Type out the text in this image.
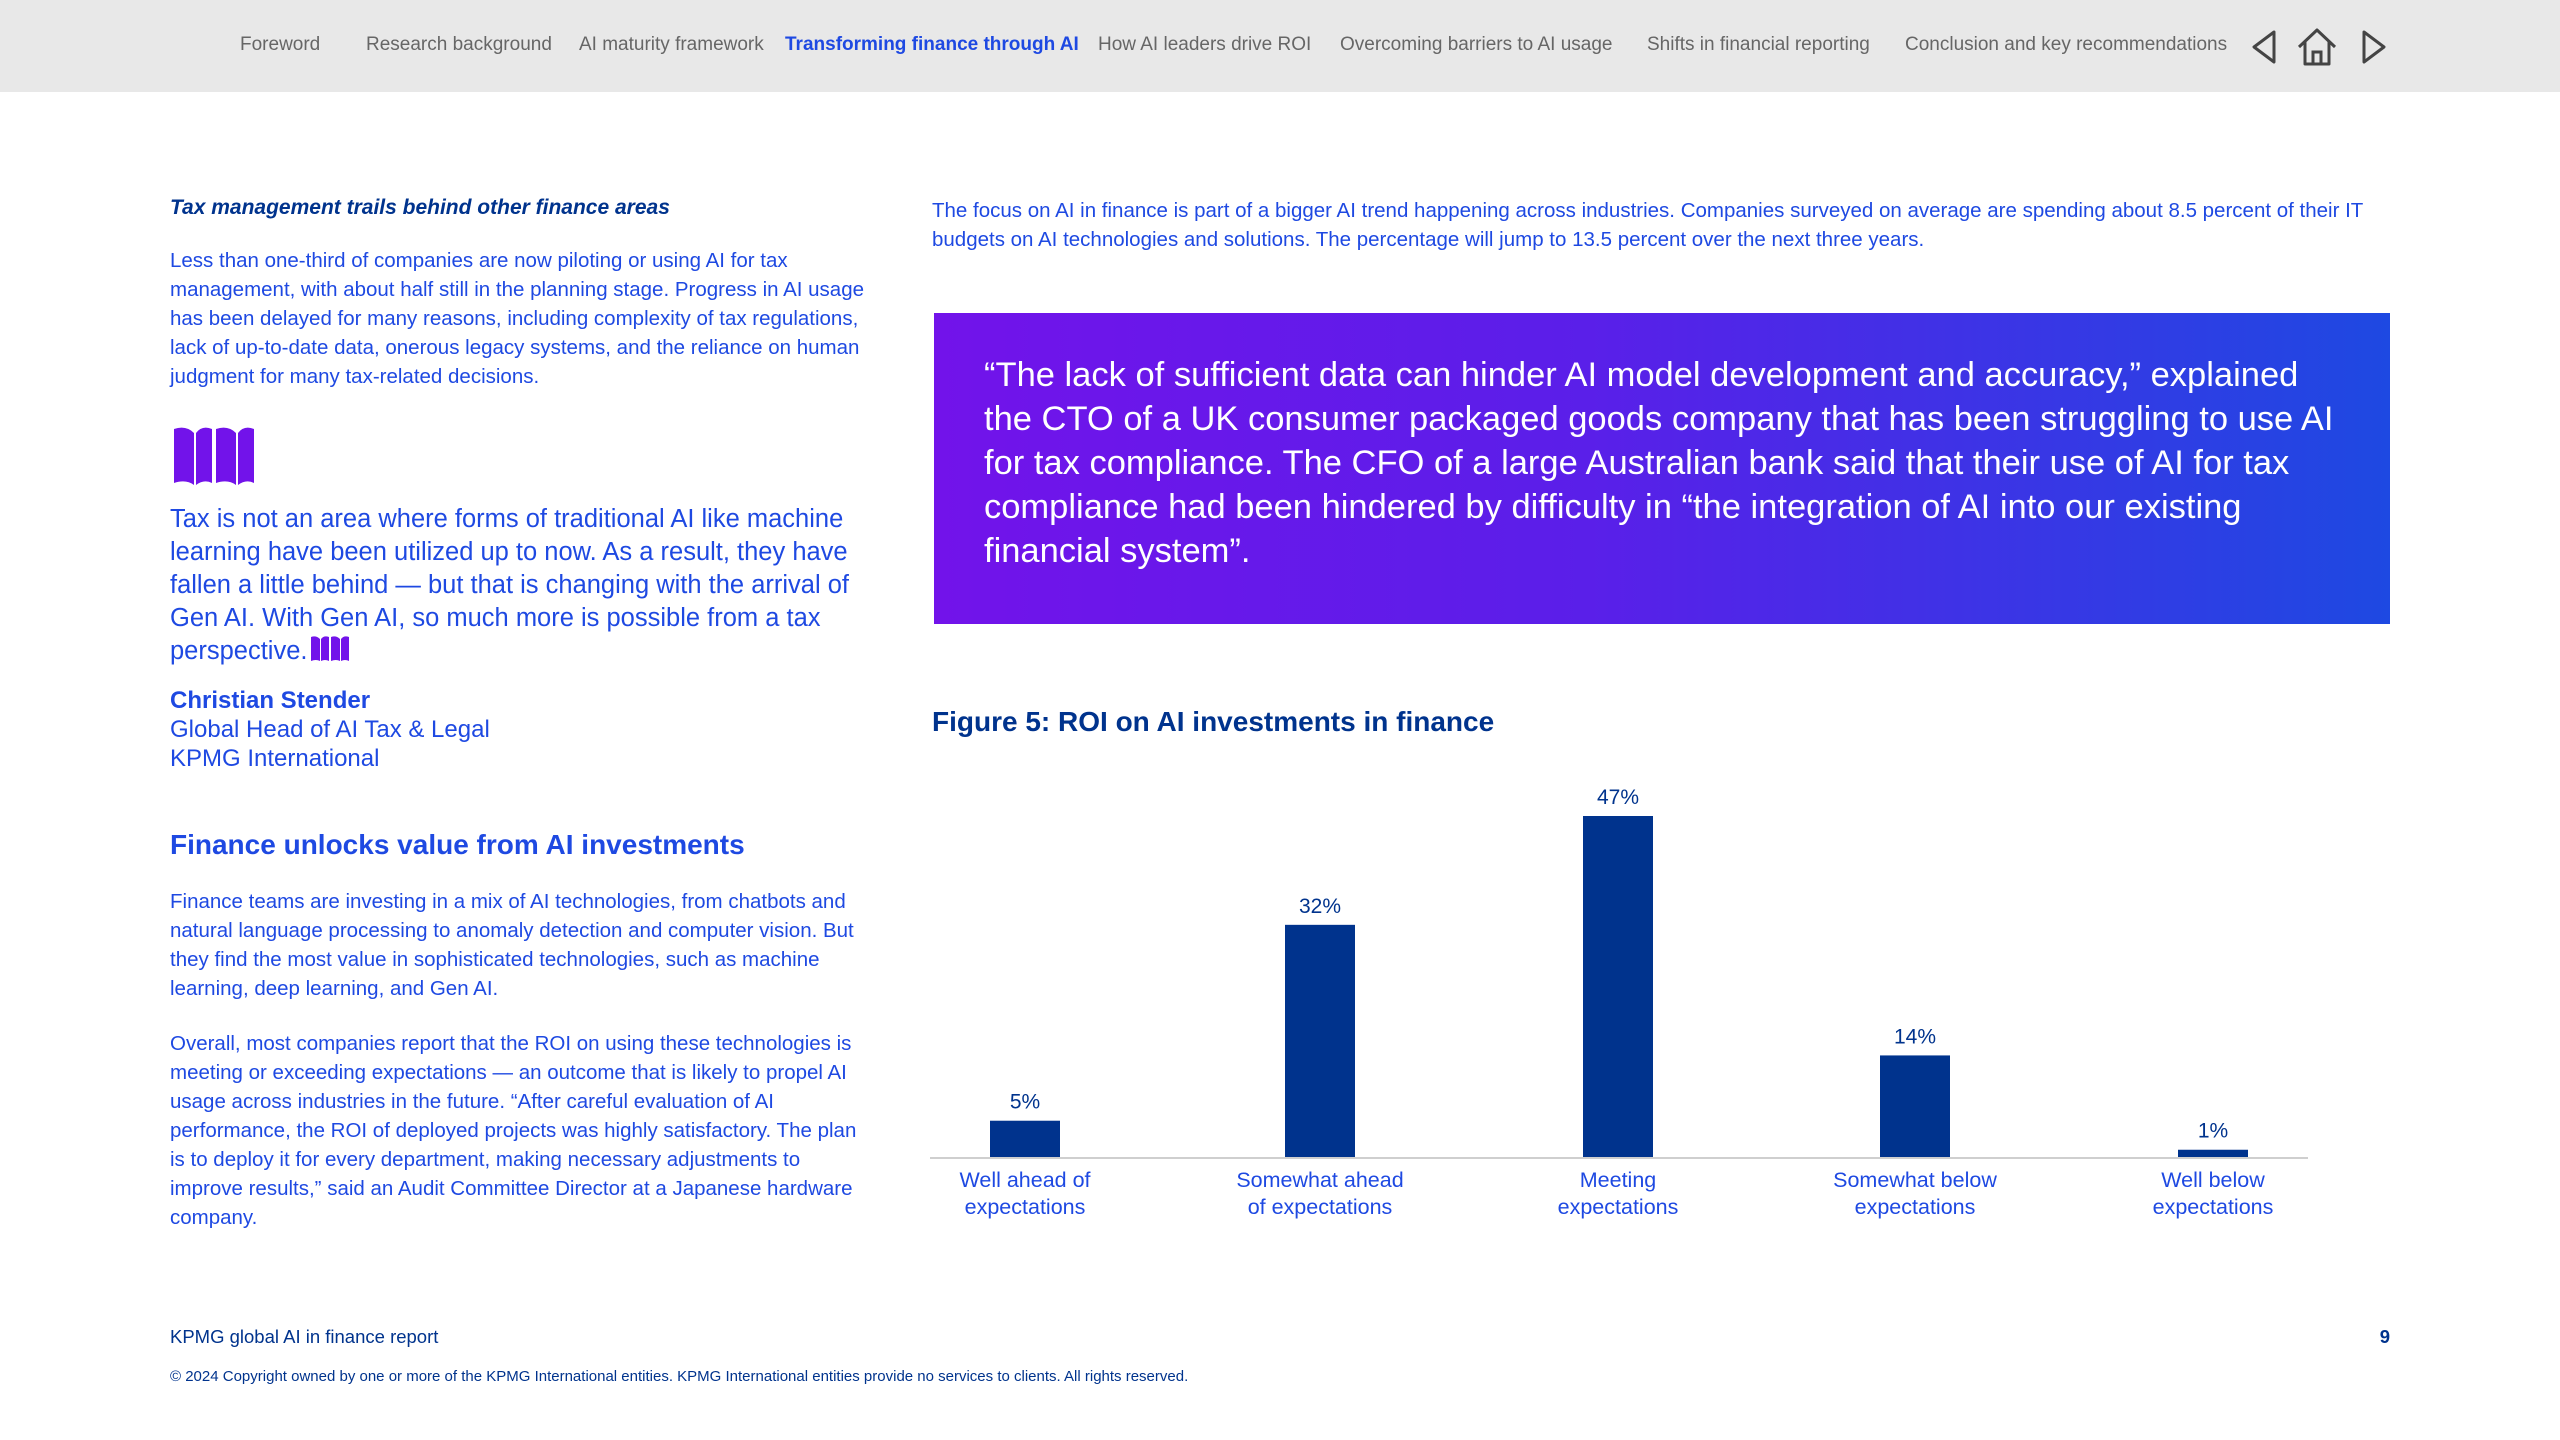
Foreword Research background AI maturity framework Transforming finance through AI How AI leaders drive ROI Overcoming barriers to AI usage Shifts in financial reporting Conclusion and key recommendations

Tax management trails behind other finance areas

Less than one-third of companies are now piloting or using AI for tax management, with about half still in the planning stage. Progress in AI usage has been delayed for many reasons, including complexity of tax regulations, lack of up-to-date data, onerous legacy systems, and the reliance on human judgment for many tax-related decisions.

Tax is not an area where forms of traditional AI like machine learning have been utilized up to now. As a result, they have fallen a little behind — but that is changing with the arrival of Gen AI. With Gen AI, so much more is possible from a tax perspective.

Christian Stender
Global Head of AI Tax & Legal
KPMG International
Finance unlocks value from AI investments

Finance teams are investing in a mix of AI technologies, from chatbots and natural language processing to anomaly detection and computer vision. But they find the most value in sophisticated technologies, such as machine learning, deep learning, and Gen AI.

Overall, most companies report that the ROI on using these technologies is meeting or exceeding expectations — an outcome that is likely to propel AI usage across industries in the future. “After careful evaluation of AI performance, the ROI of deployed projects was highly satisfactory. The plan is to deploy it for every department, making necessary adjustments to improve results,” said an Audit Committee Director at a Japanese hardware company.

The focus on AI in finance is part of a bigger AI trend happening across industries. Companies surveyed on average are spending about 8.5 percent of their IT budgets on AI technologies and solutions. The percentage will jump to 13.5 percent over the next three years.

“The lack of sufficient data can hinder AI model development and accuracy,” explained the CTO of a UK consumer packaged goods company that has been struggling to use AI for tax compliance. The CFO of a large Australian bank said that their use of AI for tax compliance had been hindered by difficulty in “the integration of AI into our existing financial system”.

Figure 5: ROI on AI investments in finance
5%
Well ahead of
expectations
32%
Somewhat ahead
of expectations
47%
Meeting
expectations
14%
Somewhat below
expectations
1%
Well below
expectations
KPMG global AI in finance report	9
© 2024 Copyright owned by one or more of the KPMG International entities. KPMG International entities provide no services to clients. All rights reserved.
